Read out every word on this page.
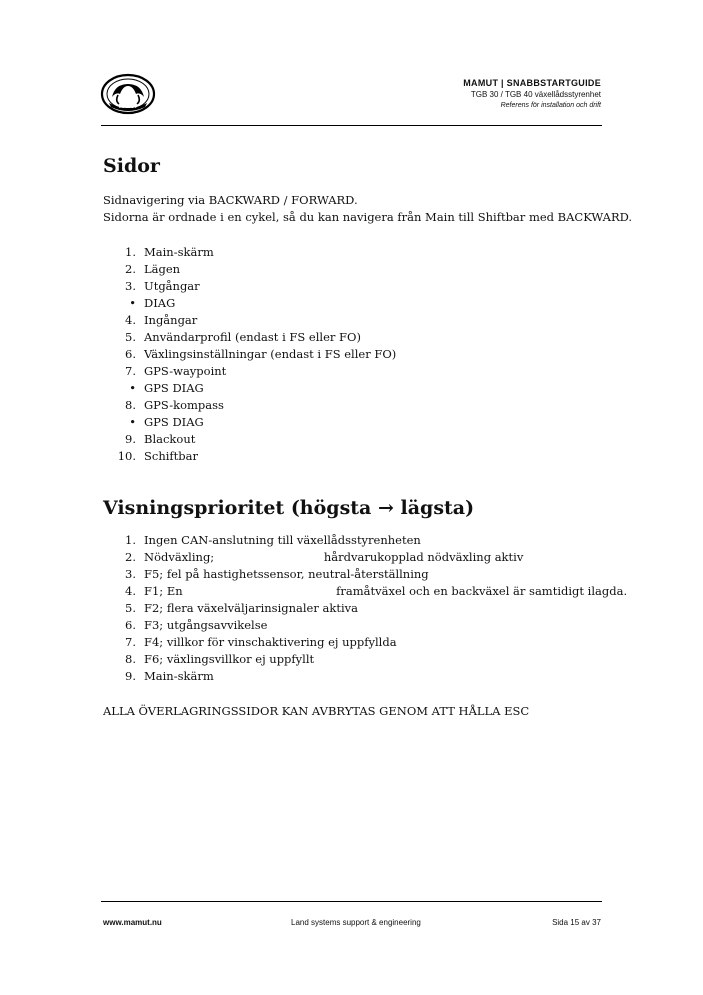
MAMUT
MAMUT | SNABBSTARTGUIDE
TGB 30 / TGB 40 växellådsstyrenhet
Referens för installation och drift
Sidor

Sidnavigering via BACKWARD / FORWARD.

Sidorna är ordnade i en cykel, så du kan navigera från Main till Shiftbar med BACKWARD.

1. Main-skärm
2. Lägen
3. Utgångar
• DIAG
4. Ingångar
5. Användarprofil (endast i FS eller FO)
6. Växlingsinställningar (endast i FS eller FO)
7. GPS-waypoint
• GPS DIAG
8. GPS-kompass
• GPS DIAG
9. Blackout
10. Schiftbar
Visningsprioritet (högsta → lägsta)
1. Ingen CAN-anslutning till växellådsstyrenheten
2. Nödväxling;                              hårdvarukopplad nödväxling aktiv
3. F5; fel på hastighetssensor, neutral-återställning
4. F1; En                                          framåtväxel och en backväxel är samtidigt ilagda.
5. F2; flera växelväljarinsignaler aktiva
6. F3; utgångsavvikelse
7. F4; villkor för vinschaktivering ej uppfyllda
8. F6; växlingsvillkor ej uppfyllt
9. Main-skärm

ALLA ÖVERLAGRINGSSIDOR KAN AVBRYTAS GENOM ATT HÅLLA ESC

www.mamut.nu	Land systems support & engineering	Sida 15 av 37
